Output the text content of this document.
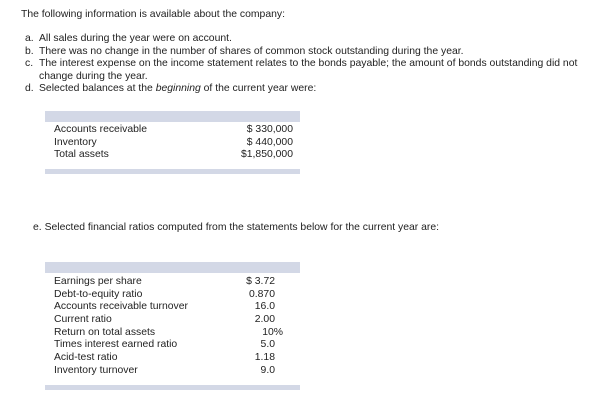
The following information is available about the company:
a. All sales during the year were on account.
b. There was no change in the number of shares of common stock outstanding during the year.
c. The interest expense on the income statement relates to the bonds payable; the amount of bonds outstanding did not change during the year.
d. Selected balances at the beginning of the current year were:
Accounts receivable	$ 330,000
Inventory	$ 440,000
Total assets	$1,850,000
e. Selected financial ratios computed from the statements below for the current year are:
Earnings per share	$ 3.72
Debt-to-equity ratio	0.870
Accounts receivable turnover	16.0
Current ratio	2.00
Return on total assets	10%
Times interest earned ratio	5.0
Acid-test ratio	1.18
Inventory turnover	9.0
